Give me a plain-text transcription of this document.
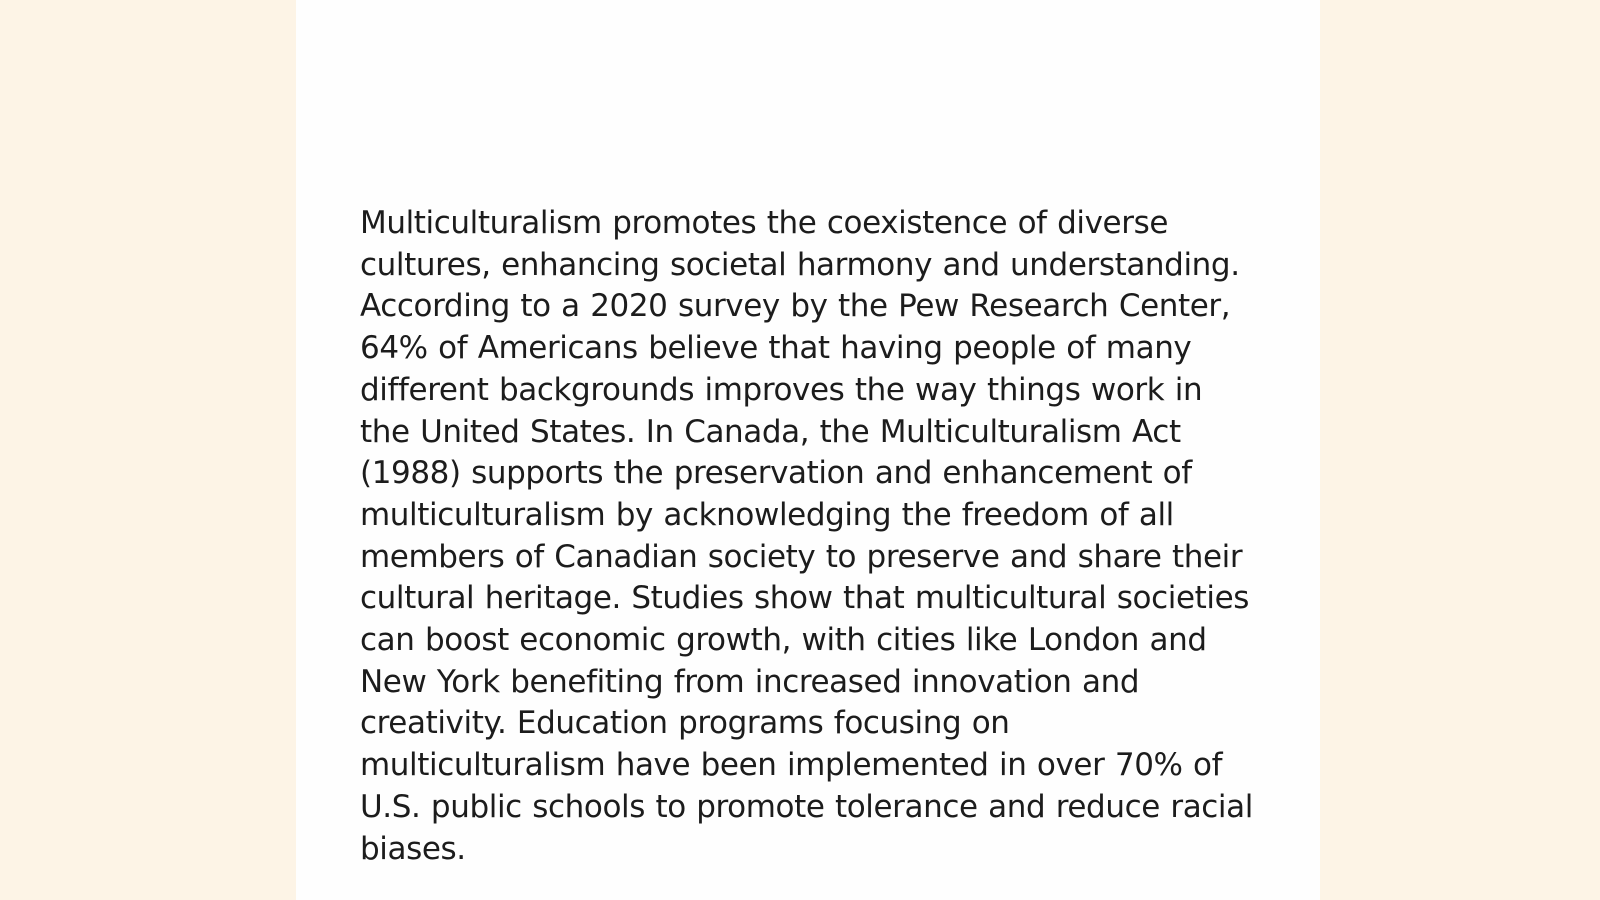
Multiculturalism promotes the coexistence of diverse cultures, enhancing societal harmony and understanding. According to a 2020 survey by the Pew Research Center, 64% of Americans believe that having people of many different backgrounds improves the way things work in the United States. In Canada, the Multiculturalism Act (1988) supports the preservation and enhancement of multiculturalism by acknowledging the freedom of all members of Canadian society to preserve and share their cultural heritage. Studies show that multicultural societies can boost economic growth, with cities like London and New York benefiting from increased innovation and creativity. Education programs focusing on multiculturalism have been implemented in over 70% of U.S. public schools to promote tolerance and reduce racial biases.
